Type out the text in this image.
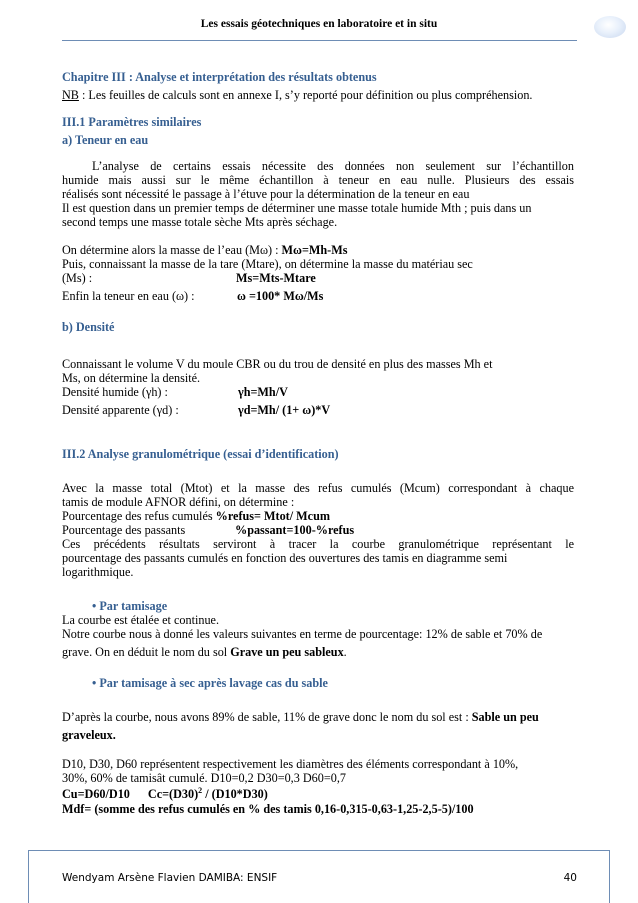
Les essais géotechniques en laboratoire et in situ
Chapitre III : Analyse et interprétation des résultats obtenus
NB : Les feuilles de calculs sont en annexe I, s’y reporté pour définition ou plus compréhension.
III.1 Paramètres similaires
a) Teneur en eau
L’analyse de certains essais nécessite des données non seulement sur l’échantillon
humide mais aussi sur le même échantillon à teneur en eau nulle. Plusieurs des essais
réalisés sont nécessité le passage à l’étuve pour la détermination de la teneur en eau
Il est question dans un premier temps de déterminer une masse totale humide Mth ; puis dans un
second temps une masse totale sèche Mts après séchage.
On détermine alors la masse de l’eau (Mω) : Mω=Mh-Ms
Puis, connaissant la masse de la tare (Mtare), on détermine la masse du matériau sec
(Ms) :	Ms=Mts-Mtare
Enfin la teneur en eau (ω) :	ω =100* Mω/Ms
b) Densité
Connaissant le volume V du moule CBR ou du trou de densité en plus des masses Mh et
Ms, on détermine la densité.
Densité humide (γh) :	γh=Mh/V
Densité apparente (γd) :	γd=Mh/ (1+ ω)*V
III.2 Analyse granulométrique (essai d’identification)
Avec la masse total (Mtot) et la masse des refus cumulés (Mcum) correspondant à chaque
tamis de module AFNOR défini, on détermine :
Pourcentage des refus cumulés %refus= Mtot/ Mcum
Pourcentage des passants	%passant=100-%refus
Ces précédents résultats serviront à tracer la courbe granulométrique représentant le
pourcentage des passants cumulés en fonction des ouvertures des tamis en diagramme semi
logarithmique.
• Par tamisage
La courbe est étalée et continue.
Notre courbe nous à donné les valeurs suivantes en terme de pourcentage: 12% de sable et 70% de
grave. On en déduit le nom du sol Grave un peu sableux.
• Par tamisage à sec après lavage cas du sable
D’après la courbe, nous avons 89% de sable, 11% de grave donc le nom du sol est : Sable un peu
graveleux.
D10, D30, D60 représentent respectivement les diamètres des éléments correspondant à 10%,
30%, 60% de tamisât cumulé. D10=0,2 D30=0,3 D60=0,7
Cu=D60/D10 $Cc=(D30)^2 / (D10*D30)$
Mdf= (somme des refus cumulés en % des tamis 0,16-0,315-0,63-1,25-2,5-5)/100
Wendyam Arsène Flavien DAMIBA: ENSIF	40
